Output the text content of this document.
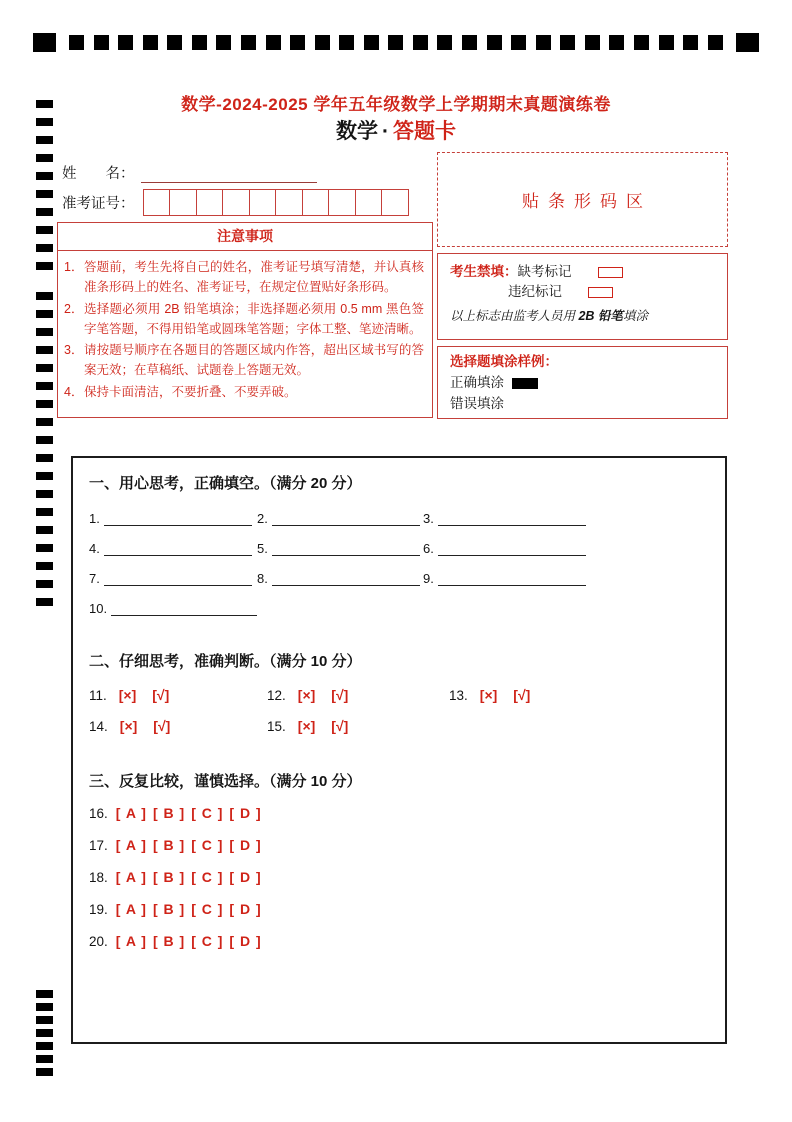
数学-2024-2025 学年五年级数学上学期期末真题演练卷
数学 · 答题卡
姓　　名：
准考证号：
注意事项
1． 答题前，考生先将自己的姓名，准考证号填写清楚，并认真核准条形码上的姓名、准考证号，在规定位置贴好条形码。
2． 选择题必须用 2B 铅笔填涂；非选择题必须用 0.5 mm 黑色签字笔答题，不得用铅笔或圆珠笔答题；字体工整、笔迹清晰。
3． 请按题号顺序在各题目的答题区域内作答，超出区域书写的答案无效；在草稿纸、试题卷上答题无效。
4． 保持卡面清洁，不要折叠、不要弄破。
贴条形码区
考生禁填： 缺考标记
违纪标记
以上标志由监考人员用 2B 铅笔填涂
选择题填涂样例：
正确填涂
错误填涂
一、用心思考，正确填空。（满分 20 分）
1.	2.	3.
4.	5.	6.
7.	8.	9.
10.
二、仔细思考，准确判断。（满分 10 分）
11. [×] [√]	12. [×] [√]	13. [×] [√]
14. [×] [√]	15. [×] [√]
三、反复比较，谨慎选择。（满分 10 分）
16. [ A ] [ B ] [ C ] [ D ]
17. [ A ] [ B ] [ C ] [ D ]
18. [ A ] [ B ] [ C ] [ D ]
19. [ A ] [ B ] [ C ] [ D ]
20. [ A ] [ B ] [ C ] [ D ]
